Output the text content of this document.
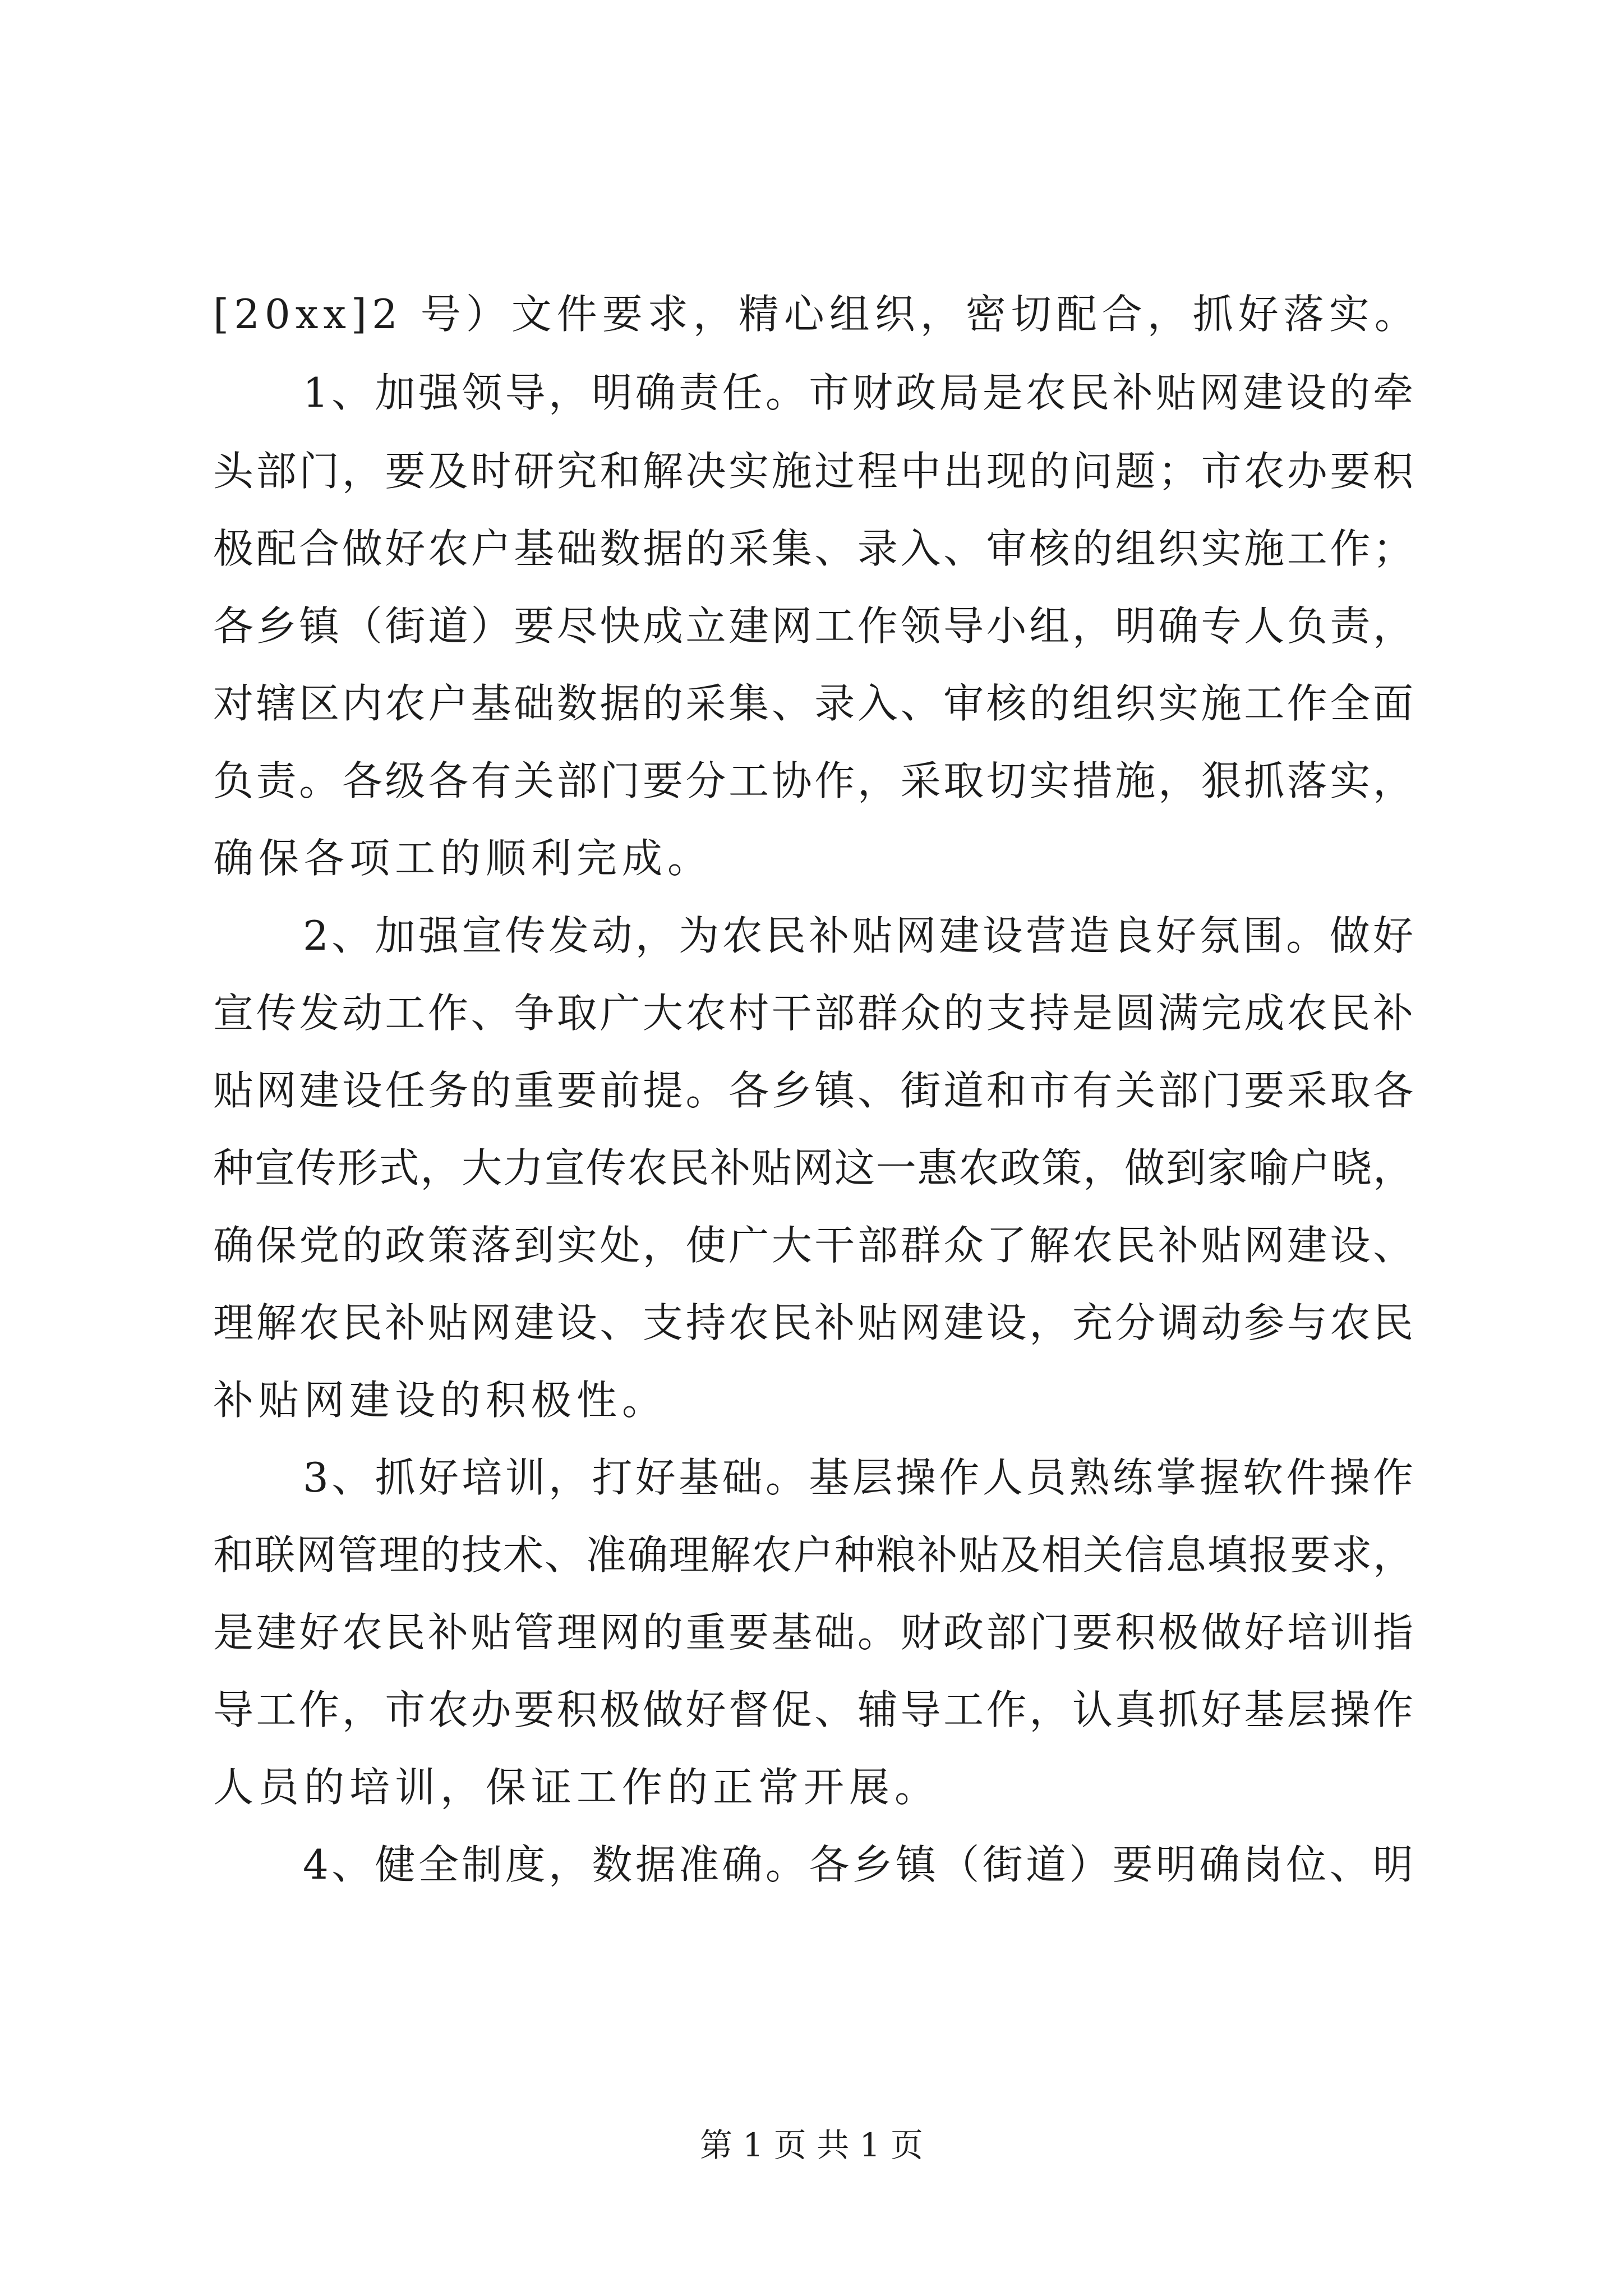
[20xx]2 号）文件要求，精心组织，密切配合，抓好落实。
1、加强领导，明确责任。市财政局是农民补贴网建设的牵
头部门，要及时研究和解决实施过程中出现的问题；市农办要积
极配合做好农户基础数据的采集、录入、审核的组织实施工作；
各乡镇（街道）要尽快成立建网工作领导小组，明确专人负责，
对辖区内农户基础数据的采集、录入、审核的组织实施工作全面
负责。各级各有关部门要分工协作，采取切实措施，狠抓落实，
确保各项工的顺利完成。
2、加强宣传发动，为农民补贴网建设营造良好氛围。做好
宣传发动工作、争取广大农村干部群众的支持是圆满完成农民补
贴网建设任务的重要前提。各乡镇、街道和市有关部门要采取各
种宣传形式，大力宣传农民补贴网这一惠农政策，做到家喻户晓，
确保党的政策落到实处，使广大干部群众了解农民补贴网建设、
理解农民补贴网建设、支持农民补贴网建设，充分调动参与农民
补贴网建设的积极性。
3、抓好培训，打好基础。基层操作人员熟练掌握软件操作
和联网管理的技术、准确理解农户种粮补贴及相关信息填报要求，
是建好农民补贴管理网的重要基础。财政部门要积极做好培训指
导工作，市农办要积极做好督促、辅导工作，认真抓好基层操作
人员的培训，保证工作的正常开展。
4、健全制度，数据准确。各乡镇（街道）要明确岗位、明
第 1 页 共 1 页
